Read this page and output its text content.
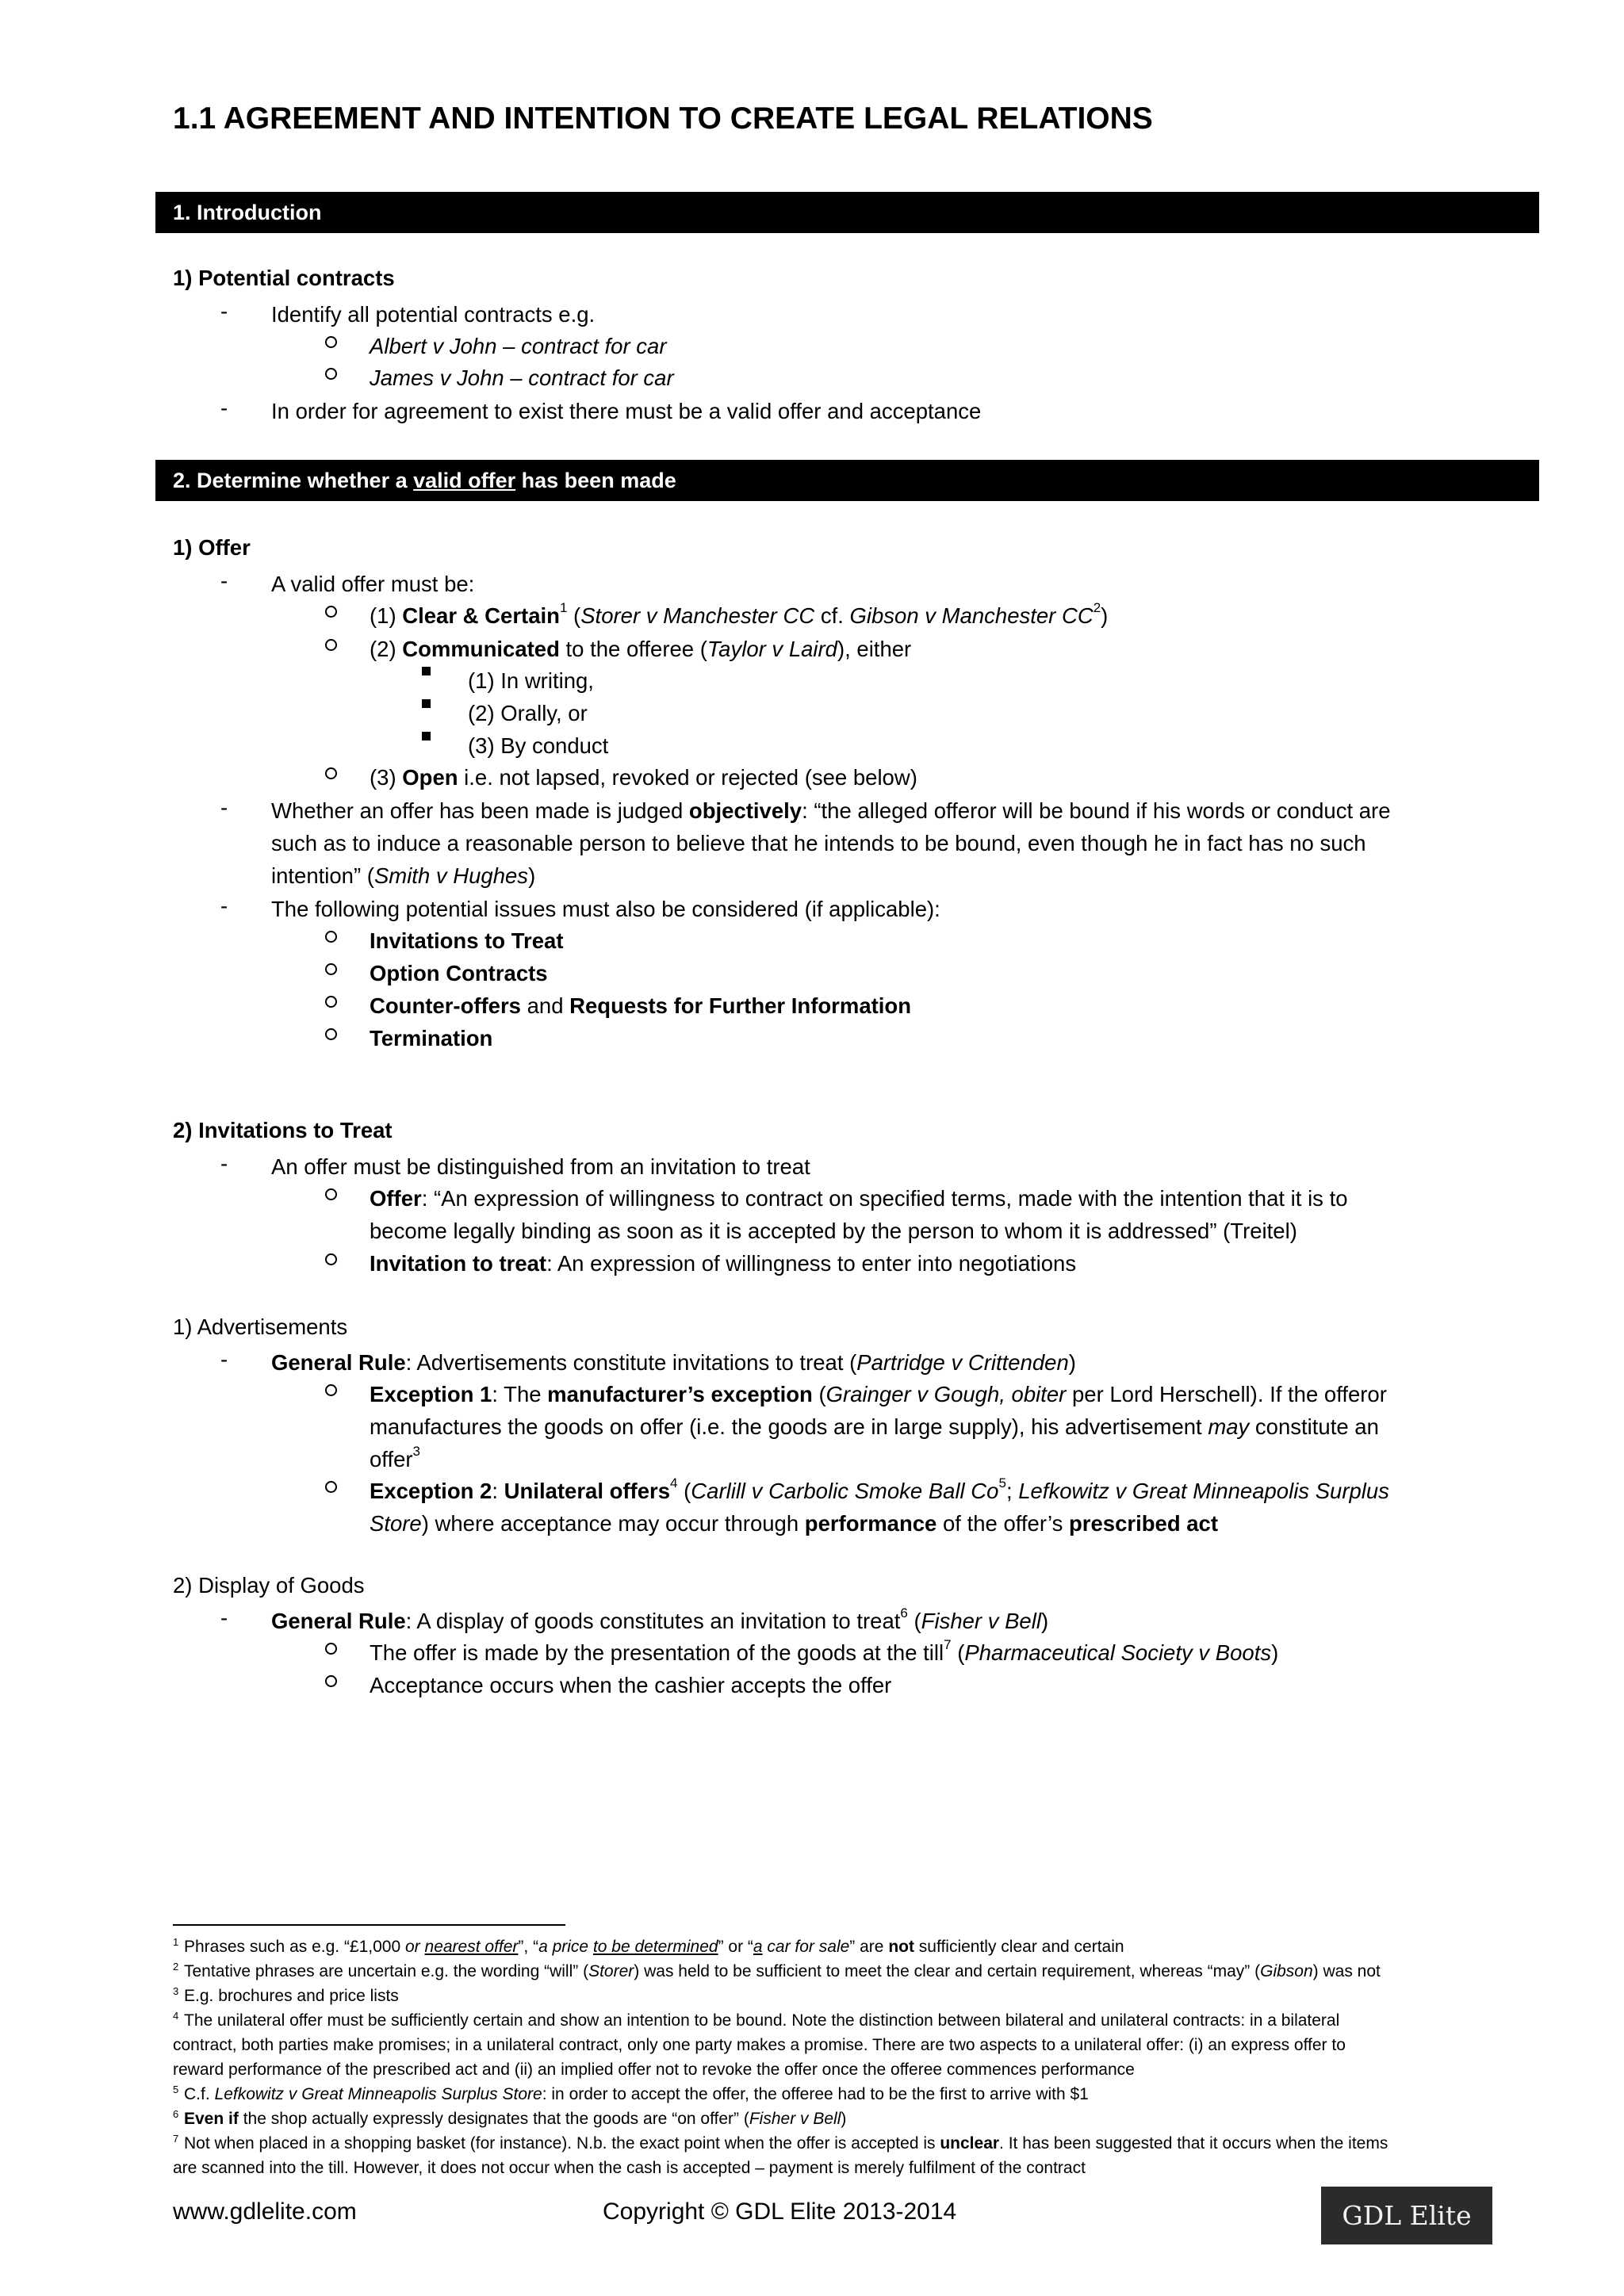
1.1 AGREEMENT AND INTENTION TO CREATE LEGAL RELATIONS
1. Introduction
1) Potential contracts
- Identify all potential contracts e.g.
Albert v John – contract for car
James v John – contract for car
- In order for agreement to exist there must be a valid offer and acceptance
2. Determine whether a valid offer has been made
1) Offer
- A valid offer must be:
(1) Clear & Certain$^1$ (Storer v Manchester CC cf. Gibson v Manchester $CC^2$)
(2) Communicated to the offeree (Taylor v Laird), either
(1) In writing,
(2) Orally, or
(3) By conduct
(3) Open i.e. not lapsed, revoked or rejected (see below)
- Whether an offer has been made is judged objectively: “the alleged offeror will be bound if his words or conduct are
such as to induce a reasonable person to believe that he intends to be bound, even though he in fact has no such
intention” (Smith v Hughes)
- The following potential issues must also be considered (if applicable):
Invitations to Treat
Option Contracts
Counter-offers and Requests for Further Information
Termination
2) Invitations to Treat
- An offer must be distinguished from an invitation to treat
Offer: “An expression of willingness to contract on specified terms, made with the intention that it is to
become legally binding as soon as it is accepted by the person to whom it is addressed” (Treitel)
Invitation to treat: An expression of willingness to enter into negotiations
1) Advertisements
- General Rule: Advertisements constitute invitations to treat (Partridge v Crittenden)
Exception 1: The manufacturer’s exception (Grainger v Gough, obiter per Lord Herschell). If the offeror
manufactures the goods on offer (i.e. the goods are in large supply), his advertisement may constitute an
offer$^3$
Exception 2: Unilateral offers$^4$ (Carlill v Carbolic Smoke Ball Co$^5$; Lefkowitz v Great Minneapolis Surplus
Store) where acceptance may occur through performance of the offer’s prescribed act
2) Display of Goods
- General Rule: A display of goods constitutes an invitation to treat$^6$ (Fisher v Bell)
The offer is made by the presentation of the goods at the till$^7$ (Pharmaceutical Society v Boots)
Acceptance occurs when the cashier accepts the offer
1 Phrases such as e.g. “£1,000 or nearest offer”, “a price to be determined” or “a car for sale” are not sufficiently clear and certain
2 Tentative phrases are uncertain e.g. the wording “will” (Storer) was held to be sufficient to meet the clear and certain requirement, whereas “may” (Gibson) was not
3 E.g. brochures and price lists
4 The unilateral offer must be sufficiently certain and show an intention to be bound. Note the distinction between bilateral and unilateral contracts: in a bilateral
contract, both parties make promises; in a unilateral contract, only one party makes a promise. There are two aspects to a unilateral offer: (i) an express offer to
reward performance of the prescribed act and (ii) an implied offer not to revoke the offer once the offeree commences performance
5 C.f. Lefkowitz v Great Minneapolis Surplus Store: in order to accept the offer, the offeree had to be the first to arrive with $1
6 Even if the shop actually expressly designates that the goods are “on offer” (Fisher v Bell)
7 Not when placed in a shopping basket (for instance). N.b. the exact point when the offer is accepted is unclear. It has been suggested that it occurs when the items
are scanned into the till. However, it does not occur when the cash is accepted – payment is merely fulfilment of the contract
www.gdlelite.com	Copyright © GDL Elite 2013-2014	GDL Elite
